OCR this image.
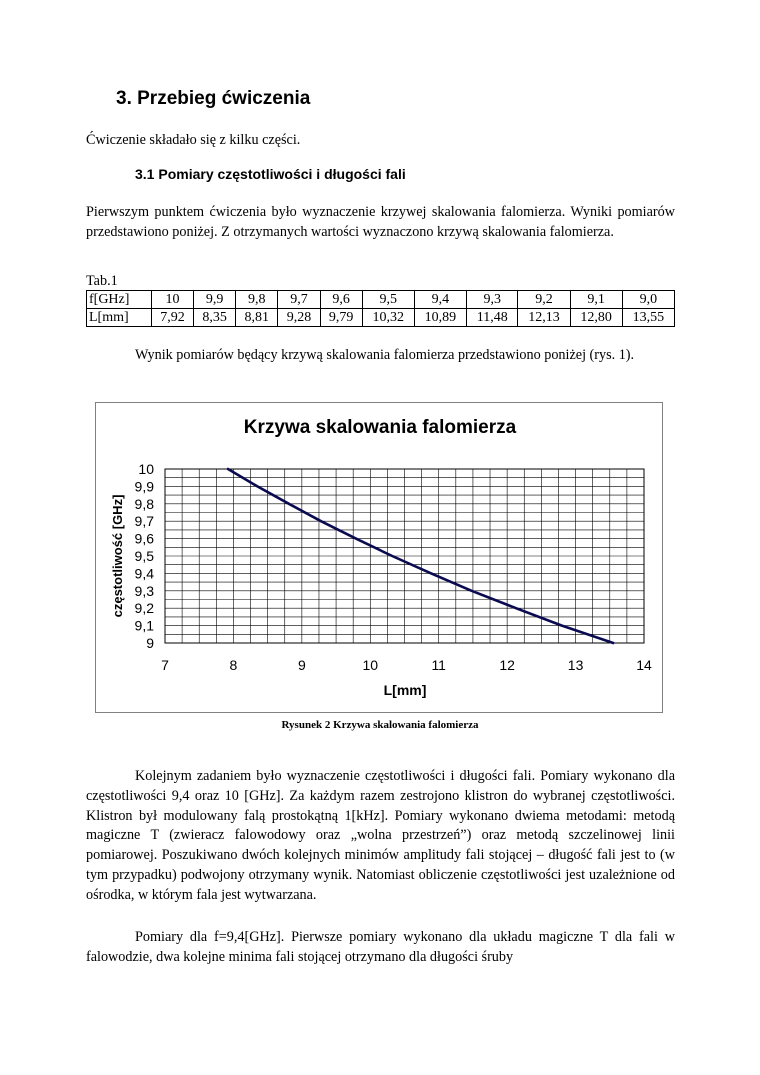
3. Przebieg ćwiczenia
Ćwiczenie składało się z kilku części.
3.1 Pomiary częstotliwości i długości fali
Pierwszym punktem ćwiczenia było wyznaczenie krzywej skalowania falomierza. Wyniki pomiarów przedstawiono poniżej. Z otrzymanych wartości wyznaczono krzywą skalowania falomierza.
Tab.1
f[GHz]	10	9,9	9,8	9,7	9,6	9,5	9,4	9,3	9,2	9,1	9,0
L[mm]	7,92	8,35	8,81	9,28	9,79	10,32	10,89	11,48	12,13	12,80	13,55
Wynik pomiarów będący krzywą skalowania falomierza przedstawiono poniżej (rys. 1).
Krzywa skalowania falomierza
7	8	9	10	11	12	13	14
9
9,1
9,2
9,3
9,4
9,5
9,6
9,7
9,8
9,9
10
L[mm]
częstotliwość [GHz]
Rysunek 2 Krzywa skalowania falomierza
Kolejnym zadaniem było wyznaczenie częstotliwości i długości fali. Pomiary wykonano dla częstotliwości 9,4 oraz 10 [GHz]. Za każdym razem zestrojono klistron do wybranej częstotliwości. Klistron był modulowany falą prostokątną 1[kHz]. Pomiary wykonano dwiema metodami: metodą magiczne T (zwieracz falowodowy oraz „wolna przestrzeń”) oraz metodą szczelinowej linii pomiarowej. Poszukiwano dwóch kolejnych minimów amplitudy fali stojącej – długość fali jest to (w tym przypadku) podwojony otrzymany wynik. Natomiast obliczenie częstotliwości jest uzależnione od ośrodka, w którym fala jest wytwarzana.
Pomiary dla f=9,4[GHz]. Pierwsze pomiary wykonano dla układu magiczne T dla fali w falowodzie, dwa kolejne minima fali stojącej otrzymano dla długości śruby
